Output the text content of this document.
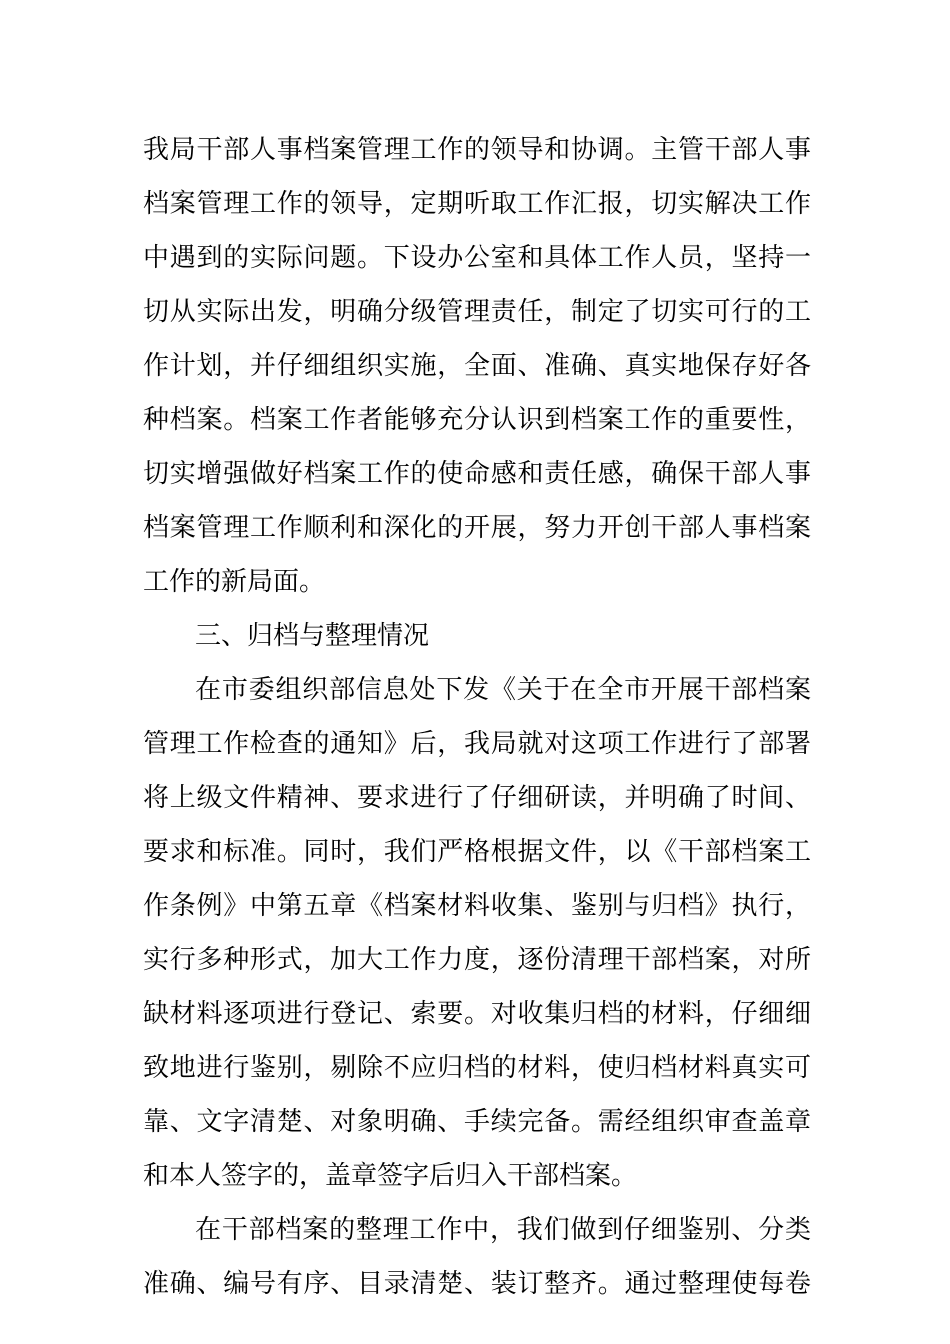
我局干部人事档案管理工作的领导和协调。主管干部人事
档案管理工作的领导，定期听取工作汇报，切实解决工作
中遇到的实际问题。下设办公室和具体工作人员，坚持一
切从实际出发，明确分级管理责任，制定了切实可行的工
作计划，并仔细组织实施，全面、准确、真实地保存好各
种档案。档案工作者能够充分认识到档案工作的重要性，
切实增强做好档案工作的使命感和责任感，确保干部人事
档案管理工作顺利和深化的开展，努力开创干部人事档案
工作的新局面。
三、归档与整理情况
在市委组织部信息处下发《关于在全市开展干部档案
管理工作检查的通知》后，我局就对这项工作进行了部署
将上级文件精神、要求进行了仔细研读，并明确了时间、
要求和标准。同时，我们严格根据文件，以《干部档案工
作条例》中第五章《档案材料收集、鉴别与归档》执行，
实行多种形式，加大工作力度，逐份清理干部档案，对所
缺材料逐项进行登记、索要。对收集归档的材料，仔细细
致地进行鉴别，剔除不应归档的材料，使归档材料真实可
靠、文字清楚、对象明确、手续完备。需经组织审查盖章
和本人签字的，盖章签字后归入干部档案。
在干部档案的整理工作中，我们做到仔细鉴别、分类
准确、编号有序、目录清楚、装订整齐。通过整理使每卷
